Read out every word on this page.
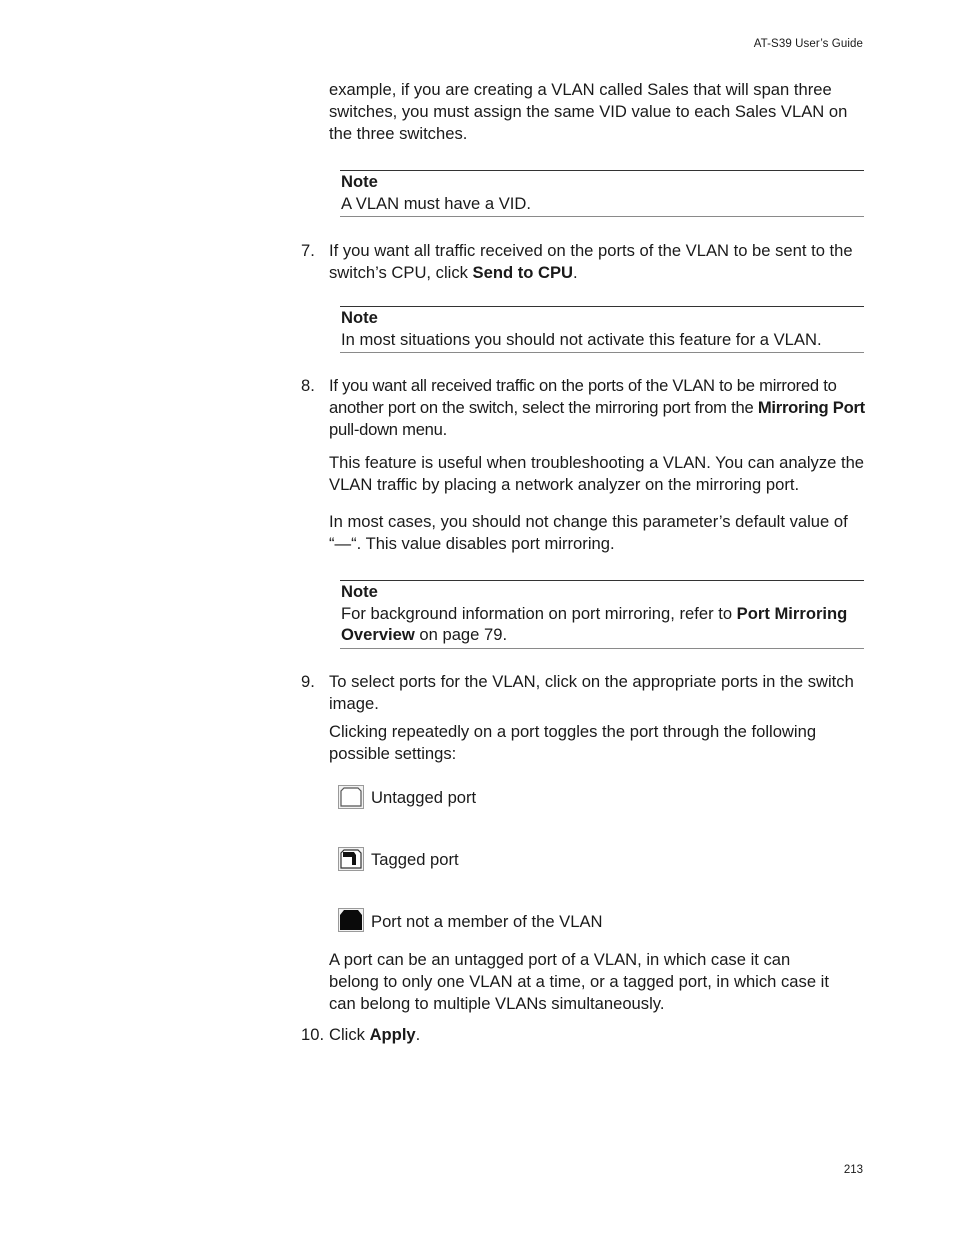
AT-S39 User’s Guide
example, if you are creating a VLAN called Sales that will span three switches, you must assign the same VID value to each Sales VLAN on the three switches.
Note
A VLAN must have a VID.
7. If you want all traffic received on the ports of the VLAN to be sent to the switch’s CPU, click Send to CPU.
Note
In most situations you should not activate this feature for a VLAN.
8. If you want all received traffic on the ports of the VLAN to be mirrored to another port on the switch, select the mirroring port from the Mirroring Port pull-down menu.
This feature is useful when troubleshooting a VLAN. You can analyze the VLAN traffic by placing a network analyzer on the mirroring port.
In most cases, you should not change this parameter’s default value of “—“. This value disables port mirroring.
Note
For background information on port mirroring, refer to Port Mirroring Overview on page 79.
9. To select ports for the VLAN, click on the appropriate ports in the switch image.
Clicking repeatedly on a port toggles the port through the following possible settings:
Untagged port
Tagged port
Port not a member of the VLAN
A port can be an untagged port of a VLAN, in which case it can belong to only one VLAN at a time, or a tagged port, in which case it can belong to multiple VLANs simultaneously.
10. Click Apply.
213
